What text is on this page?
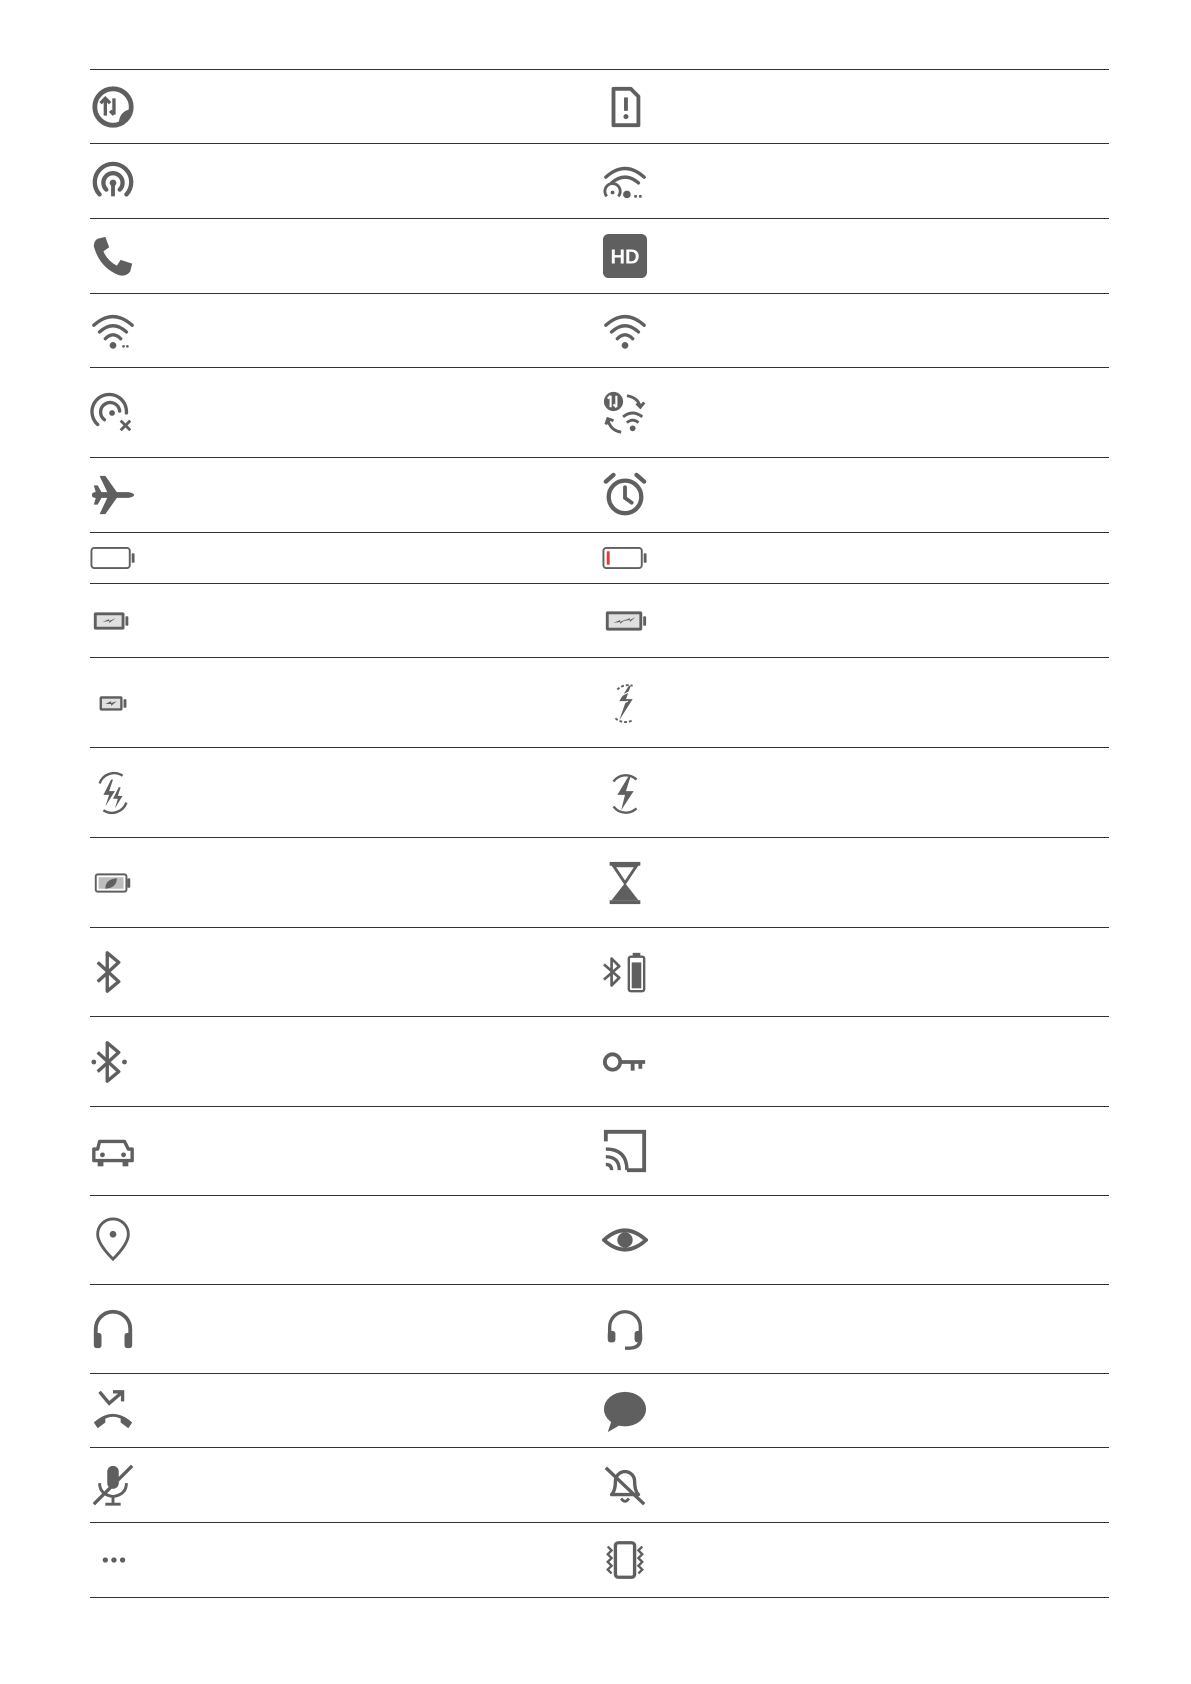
HD
